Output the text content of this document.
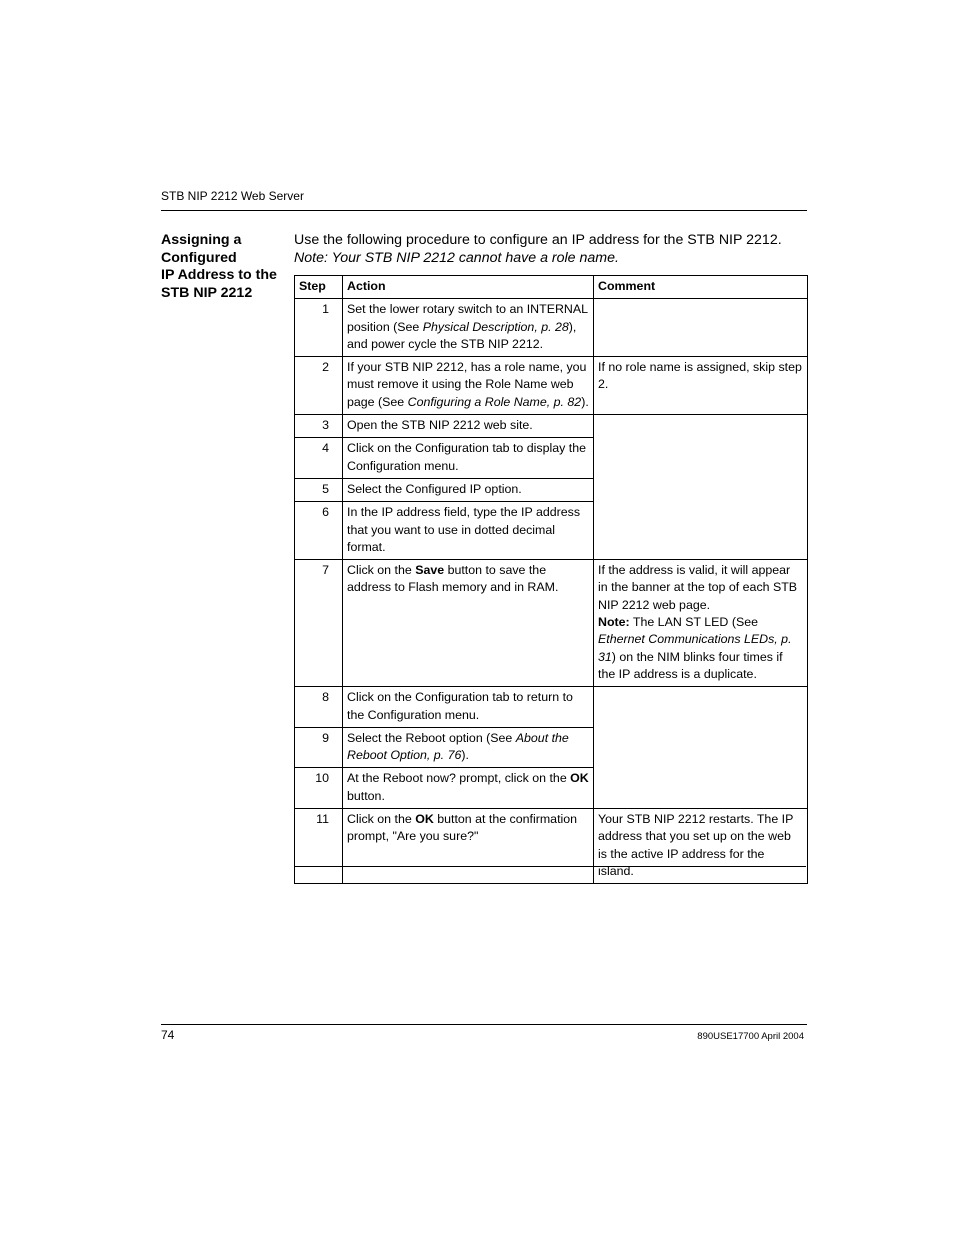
STB NIP 2212 Web Server
Assigning a
Configured
IP Address to the
STB NIP 2212
Use the following procedure to configure an IP address for the STB NIP 2212. Note: Your STB NIP 2212 cannot have a role name.
Step	Action	Comment
1	Set the lower rotary switch to an INTERNAL position (See Physical Description, p. 28), and power cycle the STB NIP 2212.	
2	If your STB NIP 2212, has a role name, you must remove it using the Role Name web page (See Configuring a Role Name, p. 82).	If no role name is assigned, skip step 2.
3	Open the STB NIP 2212 web site.	
4	Click on the Configuration tab to display the Configuration menu.	
5	Select the Configured IP option.	
6	In the IP address field, type the IP address that you want to use in dotted decimal format.	
7	Click on the Save button to save the address to Flash memory and in RAM.	If the address is valid, it will appear in the banner at the top of each STB NIP 2212 web page.
Note: The LAN ST LED (See Ethernet Communications LEDs, p. 31) on the NIM blinks four times if the IP address is a duplicate.
8	Click on the Configuration tab to return to the Configuration menu.	
9	Select the Reboot option (See About the Reboot Option, p. 76).	
10	At the Reboot now? prompt, click on the OK button.	
11	Click on the OK button at the confirmation prompt, "Are you sure?"	Your STB NIP 2212 restarts. The IP address that you set up on the web is the active IP address for the island.
74	890USE17700 April 2004
